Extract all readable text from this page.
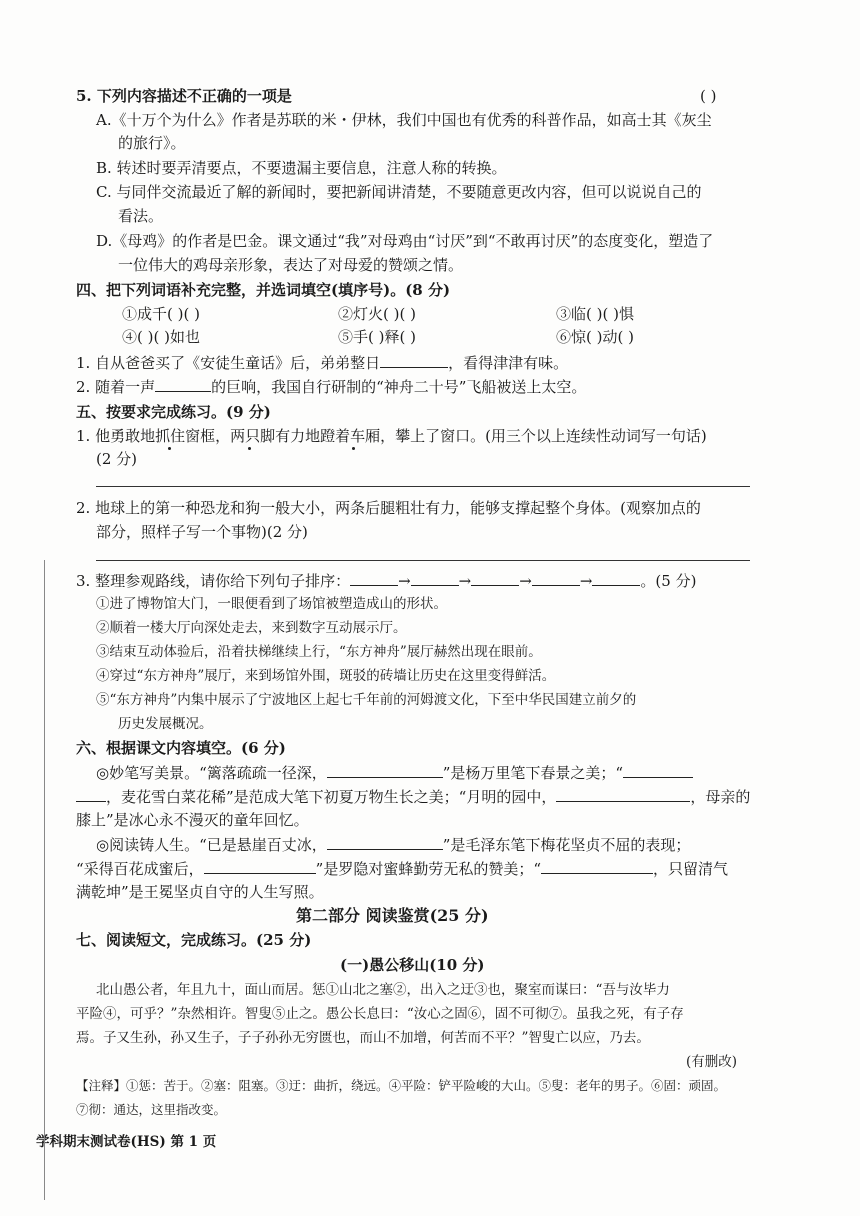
5. 下列内容描述不正确的一项是	( )
A.《十万个为什么》作者是苏联的米・伊林，我们中国也有优秀的科普作品，如高士其《灰尘
的旅行》。
B. 转述时要弄清要点，不要遗漏主要信息，注意人称的转换。
C. 与同伴交流最近了解的新闻时，要把新闻讲清楚，不要随意更改内容，但可以说说自己的
看法。
D.《母鸡》的作者是巴金。课文通过“我”对母鸡由“讨厌”到“不敢再讨厌”的态度变化，塑造了
一位伟大的鸡母亲形象，表达了对母爱的赞颂之情。
四、把下列词语补充完整，并选词填空(填序号)。(8 分)
①成千( )( )	②灯火( )( )	③临( )( )惧
④( )( )如也	⑤手( )释( )	⑥惊( )动( )
1. 自从爸爸买了《安徒生童话》后，弟弟整日	，看得津津有味。
2. 随着一声	的巨响，我国自行研制的“神舟二十号”飞船被送上太空。
五、按要求完成练习。(9 分)
1. 他勇敢地抓住窗框，两只脚有力地蹬着车厢，攀上了窗口。(用三个以上连续性动词写一句话)
(2 分)
2. 地球上的第一种恐龙和狗一般大小，两条后腿粗壮有力，能够支撑起整个身体。(观察加点的
部分，照样子写一个事物)(2 分)
3. 整理参观路线，请你给下列句子排序：	→	→	→	→	。(5 分)
①进了博物馆大门，一眼便看到了场馆被塑造成山的形状。
②顺着一楼大厅向深处走去，来到数字互动展示厅。
③结束互动体验后，沿着扶梯继续上行，“东方神舟”展厅赫然出现在眼前。
④穿过“东方神舟”展厅，来到场馆外围，斑驳的砖墙让历史在这里变得鲜活。
⑤“东方神舟”内集中展示了宁波地区上起七千年前的河姆渡文化，下至中华民国建立前夕的
历史发展概况。
六、根据课文内容填空。(6 分)
◎妙笔写美景。“篱落疏疏一径深，	”是杨万里笔下春景之美；“
，麦花雪白菜花稀”是范成大笔下初夏万物生长之美；“月明的园中，	，母亲的
膝上”是冰心永不漫灭的童年回忆。
◎阅读铸人生。“已是悬崖百丈冰，	”是毛泽东笔下梅花坚贞不屈的表现；
“采得百花成蜜后，	”是罗隐对蜜蜂勤劳无私的赞美；“	，只留清气
满乾坤”是王冕坚贞自守的人生写照。
第二部分 阅读鉴赏(25 分)
七、阅读短文，完成练习。(25 分)
(一)愚公移山(10 分)
北山愚公者，年且九十，面山而居。惩①山北之塞②，出入之迂③也，聚室而谋曰：“吾与汝毕力
平险④，可乎？”杂然相许。智叟⑤止之。愚公长息曰：“汝心之固⑥，固不可彻⑦。虽我之死，有子存
焉。子又生孙，孙又生子，子子孙孙无穷匮也，而山不加增，何苦而不平？”智叟亡以应，乃去。
(有删改)
【注释】①惩：苦于。②塞：阻塞。③迂：曲折，绕远。④平险：铲平险峻的大山。⑤叟：老年的男子。⑥固：顽固。
⑦彻：通达，这里指改变。
学科期末测试卷(HS) 第 1 页
